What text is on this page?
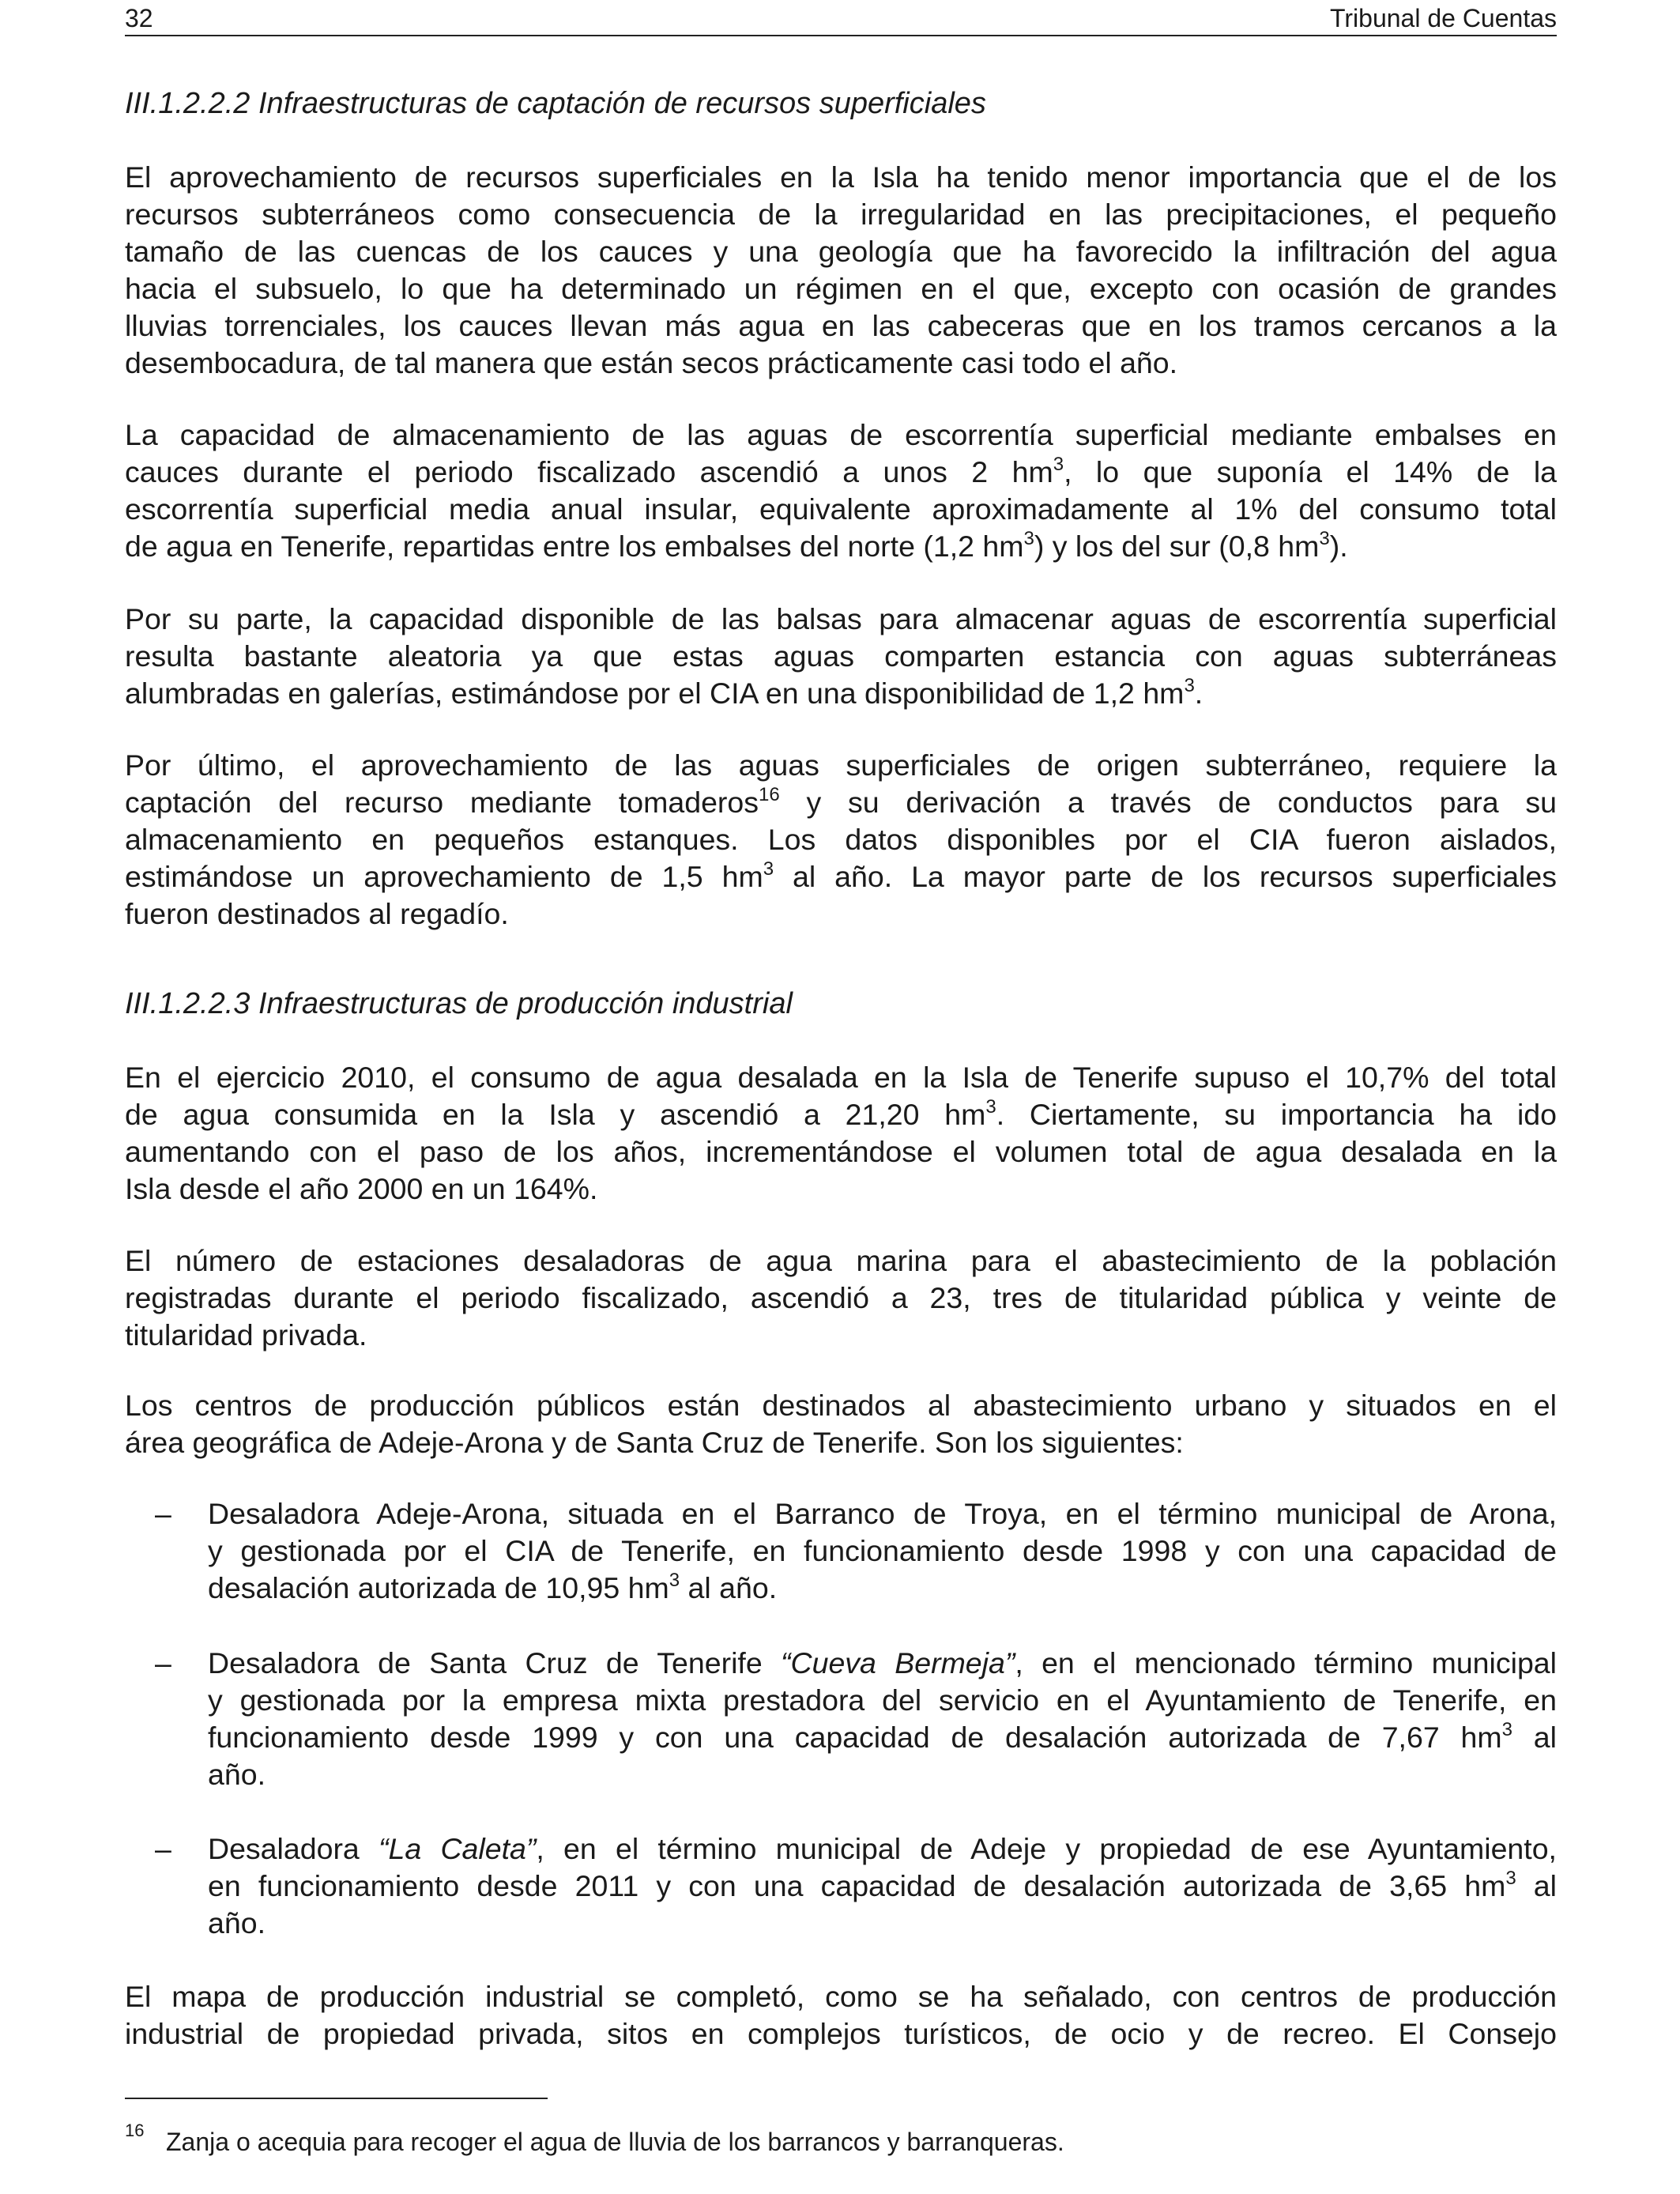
32	Tribunal de Cuentas
III.1.2.2.2 Infraestructuras de captación de recursos superficiales

El aprovechamiento de recursos superficiales en la Isla ha tenido menor importancia que el de los
recursos subterráneos como consecuencia de la irregularidad en las precipitaciones, el pequeño
tamaño de las cuencas de los cauces y una geología que ha favorecido la infiltración del agua
hacia el subsuelo, lo que ha determinado un régimen en el que, excepto con ocasión de grandes
lluvias torrenciales, los cauces llevan más agua en las cabeceras que en los tramos cercanos a la
desembocadura, de tal manera que están secos prácticamente casi todo el año.

La capacidad de almacenamiento de las aguas de escorrentía superficial mediante embalses en
cauces durante el periodo fiscalizado ascendió a unos 2 $hm^3$, lo que suponía el 14% de la
escorrentía superficial media anual insular, equivalente aproximadamente al 1% del consumo total
de agua en Tenerife, repartidas entre los embalses del norte (1,2 $hm^3$) y los del sur (0,8 $hm^3$).

Por su parte, la capacidad disponible de las balsas para almacenar aguas de escorrentía superficial
resulta bastante aleatoria ya que estas aguas comparten estancia con aguas subterráneas
alumbradas en galerías, estimándose por el CIA en una disponibilidad de 1,2 $hm^3$.

Por último, el aprovechamiento de las aguas superficiales de origen subterráneo, requiere la
captación del recurso mediante tomaderos$^{16}$ y su derivación a través de conductos para su
almacenamiento en pequeños estanques. Los datos disponibles por el CIA fueron aislados,
estimándose un aprovechamiento de 1,5 $hm^3$ al año. La mayor parte de los recursos superficiales
fueron destinados al regadío.

III.1.2.2.3 Infraestructuras de producción industrial

En el ejercicio 2010, el consumo de agua desalada en la Isla de Tenerife supuso el 10,7% del total
de agua consumida en la Isla y ascendió a 21,20 $hm^3$. Ciertamente, su importancia ha ido
aumentando con el paso de los años, incrementándose el volumen total de agua desalada en la
Isla desde el año 2000 en un 164%.

El número de estaciones desaladoras de agua marina para el abastecimiento de la población
registradas durante el periodo fiscalizado, ascendió a 23, tres de titularidad pública y veinte de
titularidad privada.

Los centros de producción públicos están destinados al abastecimiento urbano y situados en el
área geográfica de Adeje-Arona y de Santa Cruz de Tenerife. Son los siguientes:

– Desaladora Adeje-Arona, situada en el Barranco de Troya, en el término municipal de Arona,
y gestionada por el CIA de Tenerife, en funcionamiento desde 1998 y con una capacidad de
desalación autorizada de 10,95 $hm^3$ al año.

– Desaladora de Santa Cruz de Tenerife “Cueva Bermeja”, en el mencionado término municipal
y gestionada por la empresa mixta prestadora del servicio en el Ayuntamiento de Tenerife, en
funcionamiento desde 1999 y con una capacidad de desalación autorizada de 7,67 $hm^3$ al
año.

– Desaladora “La Caleta”, en el término municipal de Adeje y propiedad de ese Ayuntamiento,
en funcionamiento desde 2011 y con una capacidad de desalación autorizada de 3,65 $hm^3$ al
año.

El mapa de producción industrial se completó, como se ha señalado, con centros de producción
industrial de propiedad privada, sitos en complejos turísticos, de ocio y de recreo. El Consejo

16 Zanja o acequia para recoger el agua de lluvia de los barrancos y barranqueras.
